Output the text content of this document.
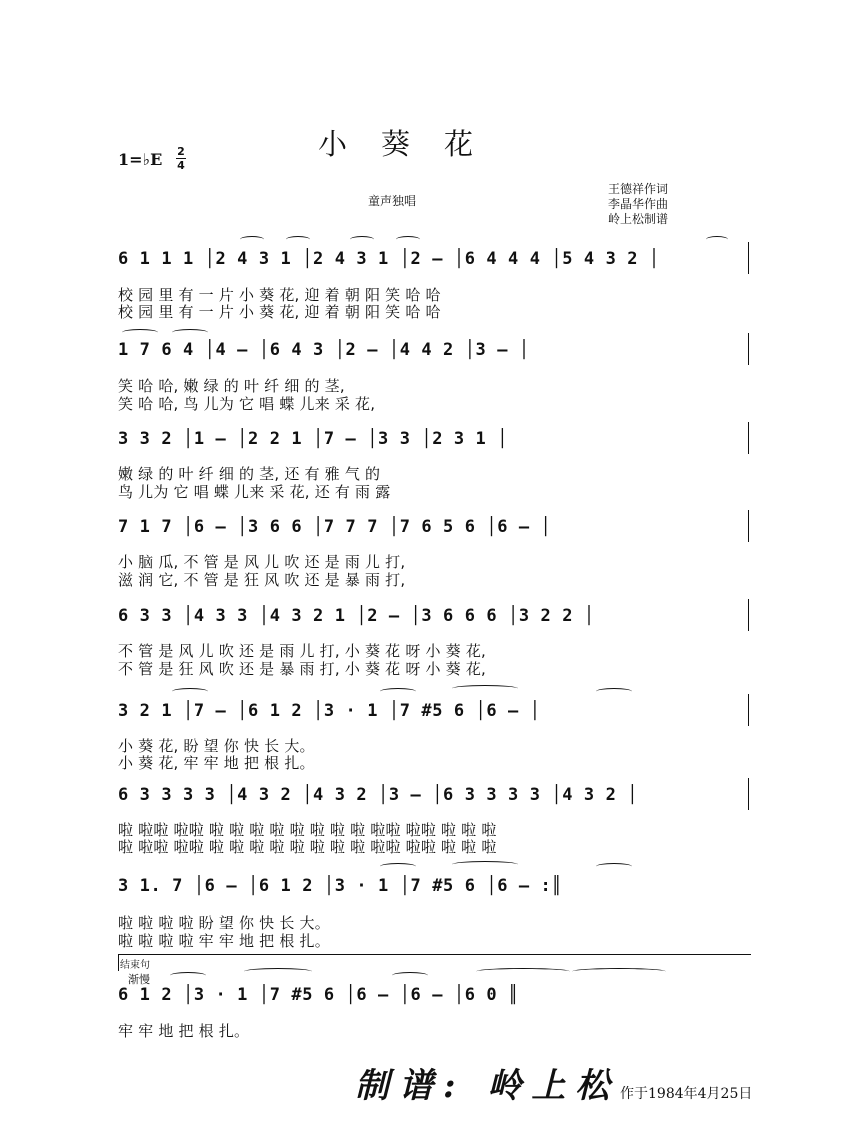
小葵花
1=♭E 2
4
童声独唱
王德祥作词
李晶华作曲
岭上松制谱
6 1 1 1 │2 4 3 1 │2 4 3 1 │2 – │6 4 4 4 │5 4 3 2 │
校 园 里 有 一 片 小 葵 花, 迎 着 朝 阳 笑 哈 哈
校 园 里 有 一 片 小 葵 花, 迎 着 朝 阳 笑 哈 哈
1 7 6 4 │4 – │6 4 3 │2 – │4 4 2 │3 – │
笑 哈 哈, 嫩 绿 的 叶 纤 细 的 茎,
笑 哈 哈, 鸟 儿为 它 唱 蝶 儿来 采 花,
3 3 2 │1 – │2 2 1 │7 – │3 3 │2 3 1 │
嫩 绿 的 叶 纤 细 的 茎, 还 有 雅 气 的
鸟 儿为 它 唱 蝶 儿来 采 花, 还 有 雨 露
7 1 7 │6 – │3 6 6 │7 7 7 │7 6 5 6 │6 – │
小 脑 瓜, 不 管 是 风 儿 吹 还 是 雨 儿 打,
滋 润 它, 不 管 是 狂 风 吹 还 是 暴 雨 打,
6 3 3 │4 3 3 │4 3 2 1 │2 – │3 6 6 6 │3 2 2 │
不 管 是 风 儿 吹 还 是 雨 儿 打, 小 葵 花 呀 小 葵 花,
不 管 是 狂 风 吹 还 是 暴 雨 打, 小 葵 花 呀 小 葵 花,
3 2 1 │7 – │6 1 2 │3 · 1 │7 #5 6 │6 – │
小 葵 花, 盼 望 你 快 长 大。
小 葵 花, 牢 牢 地 把 根 扎。
6 3 3 3 3 │4 3 2 │4 3 2 │3 – │6 3 3 3 3 │4 3 2 │
啦 啦啦 啦啦 啦 啦 啦 啦 啦 啦 啦 啦 啦啦 啦啦 啦 啦 啦
啦 啦啦 啦啦 啦 啦 啦 啦 啦 啦 啦 啦 啦啦 啦啦 啦 啦 啦
3 1. 7 │6 – │6 1 2 │3 · 1 │7 #5 6 │6 – :║
啦 啦 啦 啦 盼 望 你 快 长 大。
啦 啦 啦 啦 牢 牢 地 把 根 扎。
结束句
渐慢
6 1 2 │3 · 1 │7 #5 6 │6 – │6 – │6 0 ║
牢 牢 地 把 根 扎。
制谱: 岭上松 作于1984年4月25日
